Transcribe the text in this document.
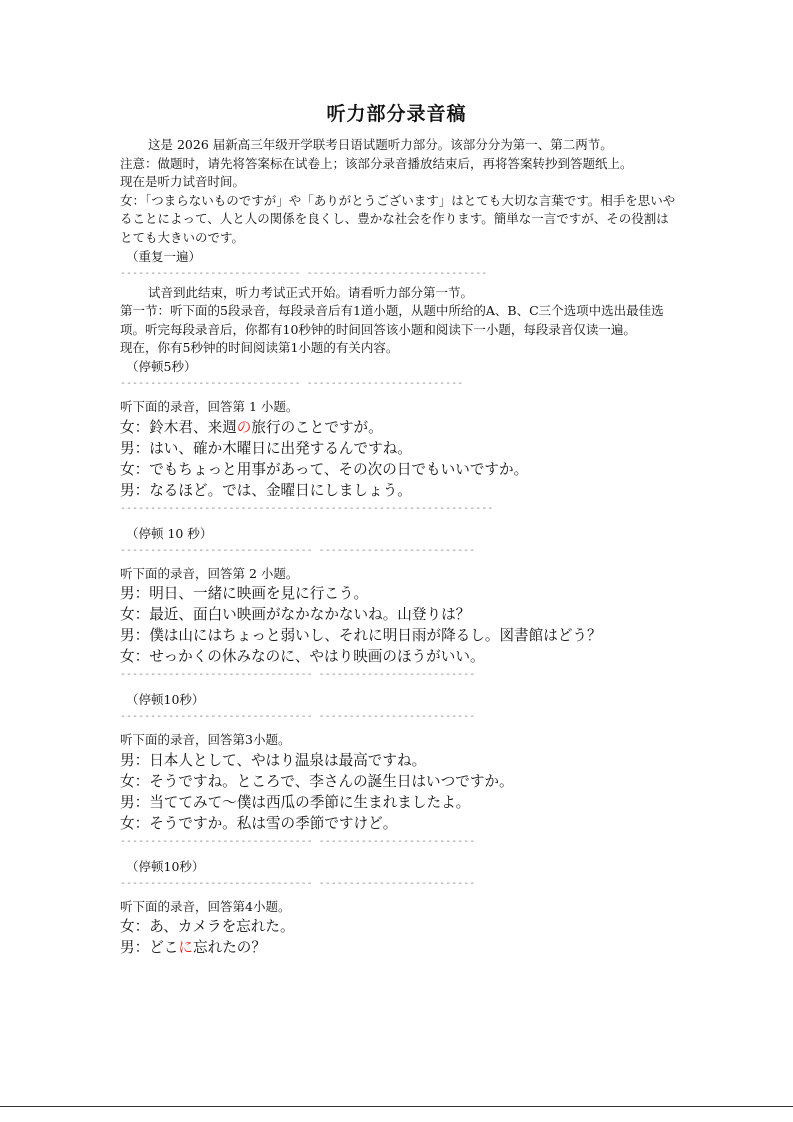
听力部分录音稿

这是 2026 届新高三年级开学联考日语试题听力部分。该部分分为第一、第二两节。

注意：做题时，请先将答案标在试卷上；该部分录音播放结束后，再将答案转抄到答题纸上。

现在是听力试音时间。

女：「つまらないものですが」や「ありがとうございます」はとても大切な言葉です。相手を思いやることによって、人と人の関係を良くし、豊かな社会を作ります。簡単な一言ですが、その役割はとても大きいのです。

（重复一遍）

------------------------------ ------------------------------

试音到此结束，听力考试正式开始。请看听力部分第一节。

第一节：听下面的5段录音，每段录音后有1道小题，从题中所给的A、B、C三个选项中选出最佳选项。听完每段录音后，你都有10秒钟的时间回答该小题和阅读下一小题，每段录音仅读一遍。

现在，你有5秒钟的时间阅读第1小题的有关内容。

（停顿5秒）

------------------------------ --------------------------

听下面的录音，回答第 1 小题。

女：鈴木君、来週の旅行のことですが。

男：はい、確か木曜日に出発するんですね。

女：でもちょっと用事があって、その次の日でもいいですか。

男：なるほど。では、金曜日にしましょう。

--------------------------------------------------------------

（停顿 10 秒）

-------------------------------- --------------------------

听下面的录音，回答第 2 小题。

男：明日、一緒に映画を見に行こう。

女：最近、面白い映画がなかなかないね。山登りは？

男：僕は山にはちょっと弱いし、それに明日雨が降るし。図書館はどう？

女：せっかくの休みなのに、やはり映画のほうがいい。

-------------------------------- --------------------------

（停顿10秒）

-------------------------------- --------------------------

听下面的录音，回答第3小题。

男：日本人として、やはり温泉は最高ですね。

女：そうですね。ところで、李さんの誕生日はいつですか。

男：当ててみて～僕は西瓜の季節に生まれましたよ。

女：そうですか。私は雪の季節ですけど。

-------------------------------- --------------------------

（停顿10秒）

-------------------------------- --------------------------

听下面的录音，回答第4小题。

女：あ、カメラを忘れた。

男：どこに忘れたの？
